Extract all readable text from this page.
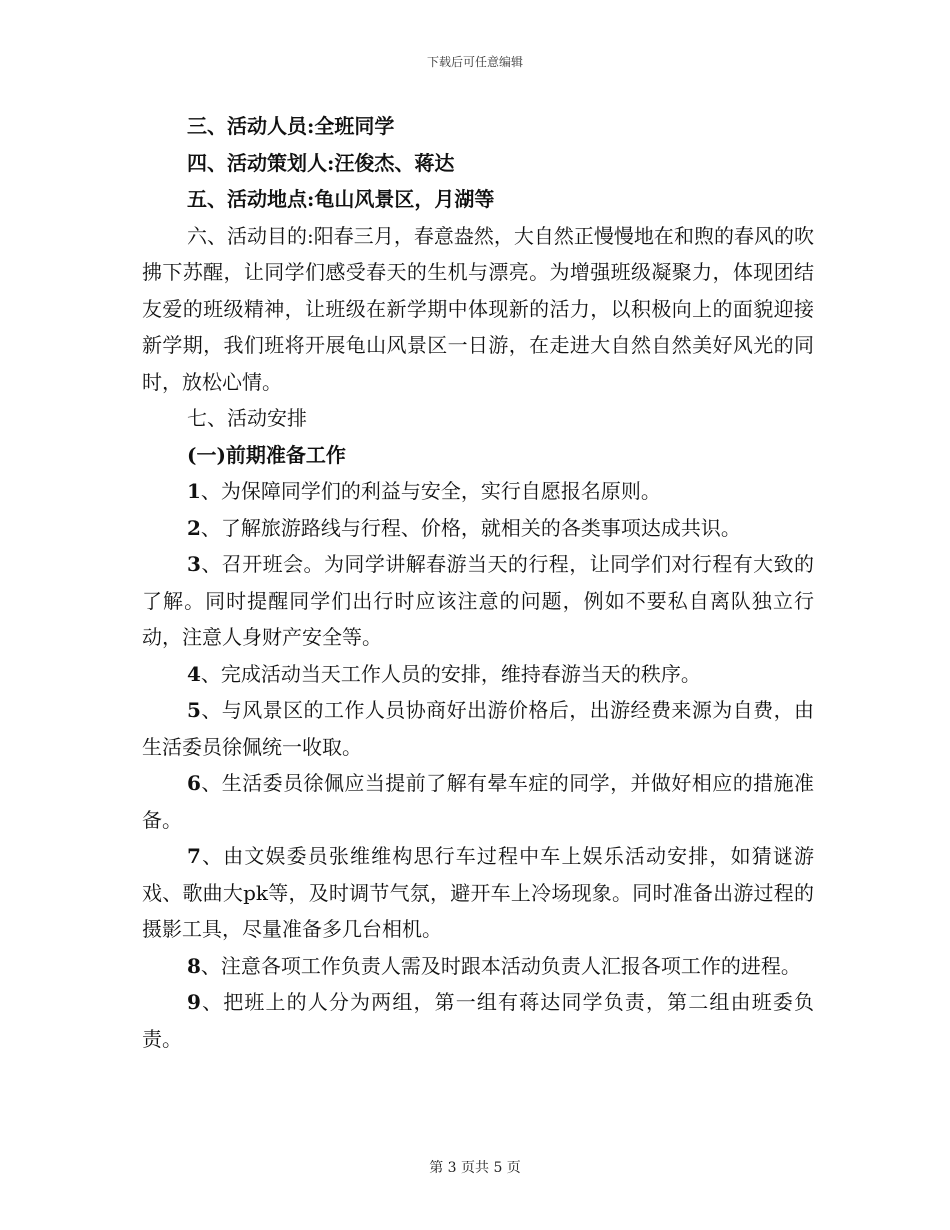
下载后可任意编辑

三、活动人员:全班同学

四、活动策划人:汪俊杰、蒋达

五、活动地点:龟山风景区，月湖等

六、活动目的:阳春三月，春意盎然，大自然正慢慢地在和煦的春风的吹拂下苏醒，让同学们感受春天的生机与漂亮。为增强班级凝聚力，体现团结友爱的班级精神，让班级在新学期中体现新的活力，以积极向上的面貌迎接新学期，我们班将开展龟山风景区一日游，在走进大自然自然美好风光的同时，放松心情。

七、活动安排

(一)前期准备工作

1、为保障同学们的利益与安全，实行自愿报名原则。

2、了解旅游路线与行程、价格，就相关的各类事项达成共识。

3、召开班会。为同学讲解春游当天的行程，让同学们对行程有大致的了解。同时提醒同学们出行时应该注意的问题，例如不要私自离队独立行动，注意人身财产安全等。

4、完成活动当天工作人员的安排，维持春游当天的秩序。

5、与风景区的工作人员协商好出游价格后，出游经费来源为自费，由生活委员徐佩统一收取。

6、生活委员徐佩应当提前了解有晕车症的同学，并做好相应的措施准备。

7、由文娱委员张维维构思行车过程中车上娱乐活动安排，如猜谜游戏、歌曲大pk等，及时调节气氛，避开车上冷场现象。同时准备出游过程的摄影工具，尽量准备多几台相机。

8、注意各项工作负责人需及时跟本活动负责人汇报各项工作的进程。

9、把班上的人分为两组，第一组有蒋达同学负责，第二组由班委负责。

第 3 页共 5 页
